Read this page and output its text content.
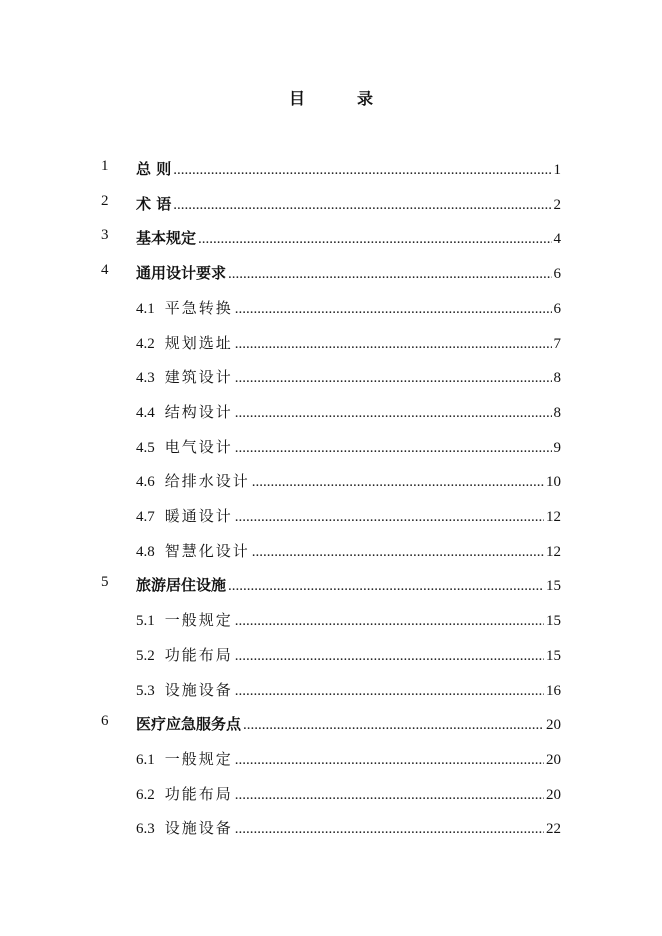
目　录
1 总 则 .....	1
2 术 语 .....	2
3 基本规定 .....	4
4 通用设计要求 .....	6
4.1 平急转换 .....	6
4.2 规划选址 .....	7
4.3 建筑设计 .....	8
4.4 结构设计 .....	8
4.5 电气设计 .....	9
4.6 给排水设计 .....	10
4.7 暖通设计 .....	12
4.8 智慧化设计 .....	12
5 旅游居住设施 .....	15
5.1 一般规定 .....	15
5.2 功能布局 .....	15
5.3 设施设备 .....	16
6 医疗应急服务点 .....	20
6.1 一般规定 .....	20
6.2 功能布局 .....	20
6.3 设施设备 .....	22
